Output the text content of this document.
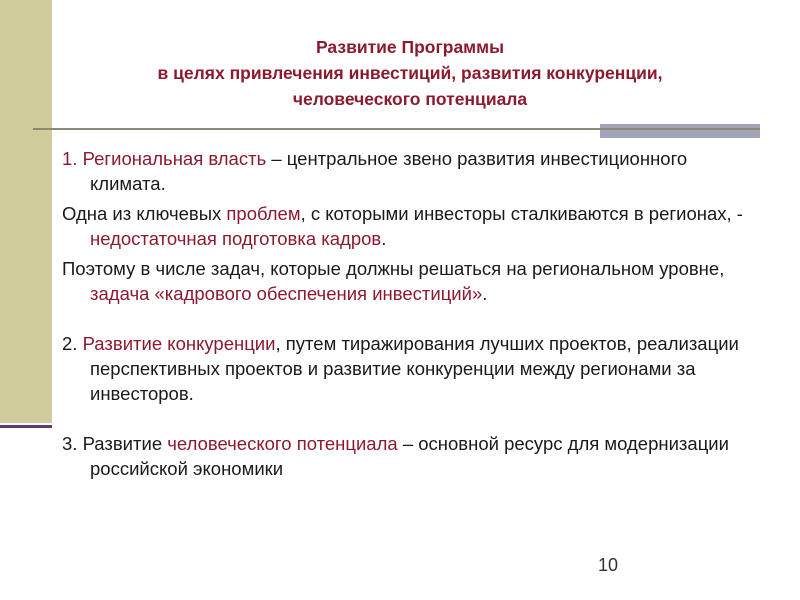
Развитие Программы
в целях привлечения инвестиций, развития конкуренции,
человеческого потенциала

1. Региональная власть – центральное звено развития инвестиционного климата.

Одна из ключевых проблем, с которыми инвесторы сталкиваются в регионах, - недостаточная подготовка кадров.

Поэтому в числе задач, которые должны решаться на региональном уровне, задача «кадрового обеспечения инвестиций».

2. Развитие конкуренции, путем тиражирования лучших проектов, реализации перспективных проектов и развитие конкуренции между регионами за инвесторов.

3. Развитие человеческого потенциала – основной ресурс для модернизации российской экономики

10
